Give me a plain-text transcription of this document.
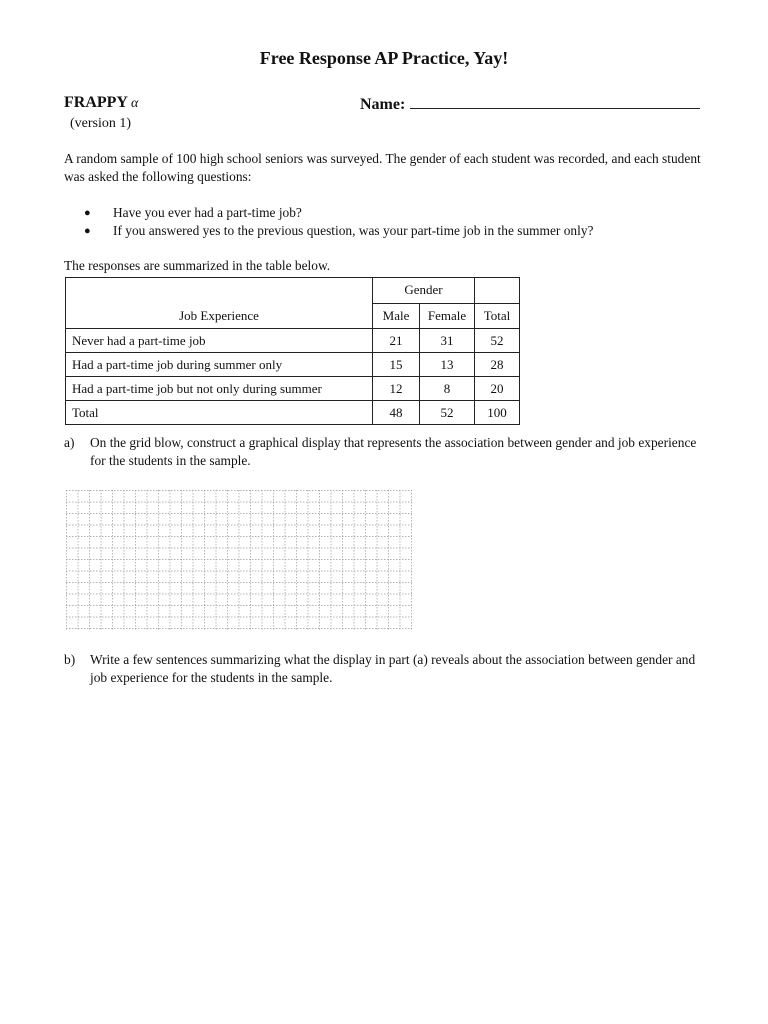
Free Response AP Practice, Yay!
FRAPPY α
(version 1)
Name:
A random sample of 100 high school seniors was surveyed. The gender of each student was recorded, and each student was asked the following questions:
●	Have you ever had a part-time job?
●	If you answered yes to the previous question, was your part-time job in the summer only?
The responses are summarized in the table below.
Job Experience	Gender		
	Male	Female	Total
Never had a part-time job	21	31	52
Had a part-time job during summer only	15	13	28
Had a part-time job but not only during summer	12	8	20
Total	48	52	100
a)	On the grid blow, construct a graphical display that represents the association between gender and job experience for the students in the sample.
b)	Write a few sentences summarizing what the display in part (a) reveals about the association between gender and job experience for the students in the sample.
